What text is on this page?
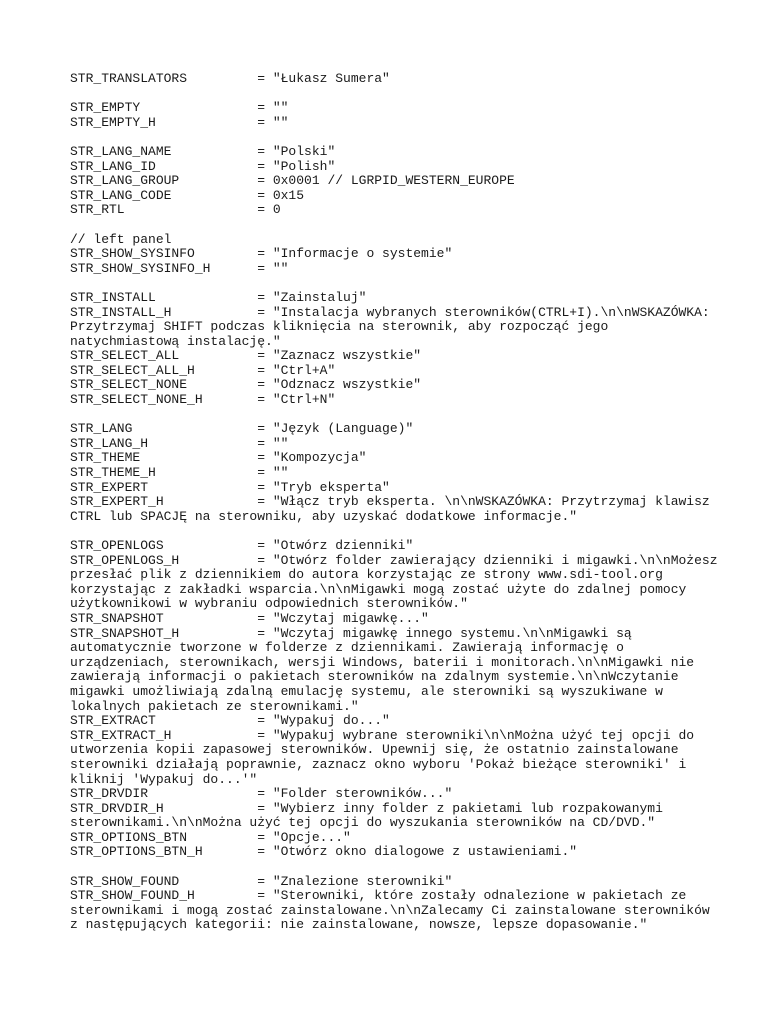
STR_TRANSLATORS         = "Łukasz Sumera"
STR_EMPTY               = ""
STR_EMPTY_H             = ""
STR_LANG_NAME           = "Polski"
STR_LANG_ID             = "Polish"
STR_LANG_GROUP          = 0x0001 // LGRPID_WESTERN_EUROPE
STR_LANG_CODE           = 0x15
STR_RTL                 = 0
// left panel
STR_SHOW_SYSINFO        = "Informacje o systemie"
STR_SHOW_SYSINFO_H      = ""
STR_INSTALL             = "Zainstaluj"
STR_INSTALL_H           = "Instalacja wybranych sterowników(CTRL+I).\n\nWSKAZÓWKA:
Przytrzymaj SHIFT podczas kliknięcia na sterownik, aby rozpocząć jego
natychmiastową instalację."
STR_SELECT_ALL          = "Zaznacz wszystkie"
STR_SELECT_ALL_H        = "Ctrl+A"
STR_SELECT_NONE         = "Odznacz wszystkie"
STR_SELECT_NONE_H       = "Ctrl+N"
STR_LANG                = "Język (Language)"
STR_LANG_H              = ""
STR_THEME               = "Kompozycja"
STR_THEME_H             = ""
STR_EXPERT              = "Tryb eksperta"
STR_EXPERT_H            = "Włącz tryb eksperta. \n\nWSKAZÓWKA: Przytrzymaj klawisz
CTRL lub SPACJĘ na sterowniku, aby uzyskać dodatkowe informacje."
STR_OPENLOGS            = "Otwórz dzienniki"
STR_OPENLOGS_H          = "Otwórz folder zawierający dzienniki i migawki.\n\nMożesz
przesłać plik z dziennikiem do autora korzystając ze strony www.sdi-tool.org
korzystając z zakładki wsparcia.\n\nMigawki mogą zostać użyte do zdalnej pomocy
użytkownikowi w wybraniu odpowiednich sterowników."
STR_SNAPSHOT            = "Wczytaj migawkę..."
STR_SNAPSHOT_H          = "Wczytaj migawkę innego systemu.\n\nMigawki są
automatycznie tworzone w folderze z dziennikami. Zawierają informację o
urządzeniach, sterownikach, wersji Windows, baterii i monitorach.\n\nMigawki nie
zawierają informacji o pakietach sterowników na zdalnym systemie.\n\nWczytanie
migawki umożliwiają zdalną emulację systemu, ale sterowniki są wyszukiwane w
lokalnych pakietach ze sterownikami."
STR_EXTRACT             = "Wypakuj do..."
STR_EXTRACT_H           = "Wypakuj wybrane sterowniki\n\nMożna użyć tej opcji do
utworzenia kopii zapasowej sterowników. Upewnij się, że ostatnio zainstalowane
sterowniki działają poprawnie, zaznacz okno wyboru 'Pokaż bieżące sterowniki' i
kliknij 'Wypakuj do...'"
STR_DRVDIR              = "Folder sterowników..."
STR_DRVDIR_H            = "Wybierz inny folder z pakietami lub rozpakowanymi
sterownikami.\n\nMożna użyć tej opcji do wyszukania sterowników na CD/DVD."
STR_OPTIONS_BTN         = "Opcje..."
STR_OPTIONS_BTN_H       = "Otwórz okno dialogowe z ustawieniami."
STR_SHOW_FOUND          = "Znalezione sterowniki"
STR_SHOW_FOUND_H        = "Sterowniki, które zostały odnalezione w pakietach ze
sterownikami i mogą zostać zainstalowane.\n\nZalecamy Ci zainstalowane sterowników
z następujących kategorii: nie zainstalowane, nowsze, lepsze dopasowanie."
